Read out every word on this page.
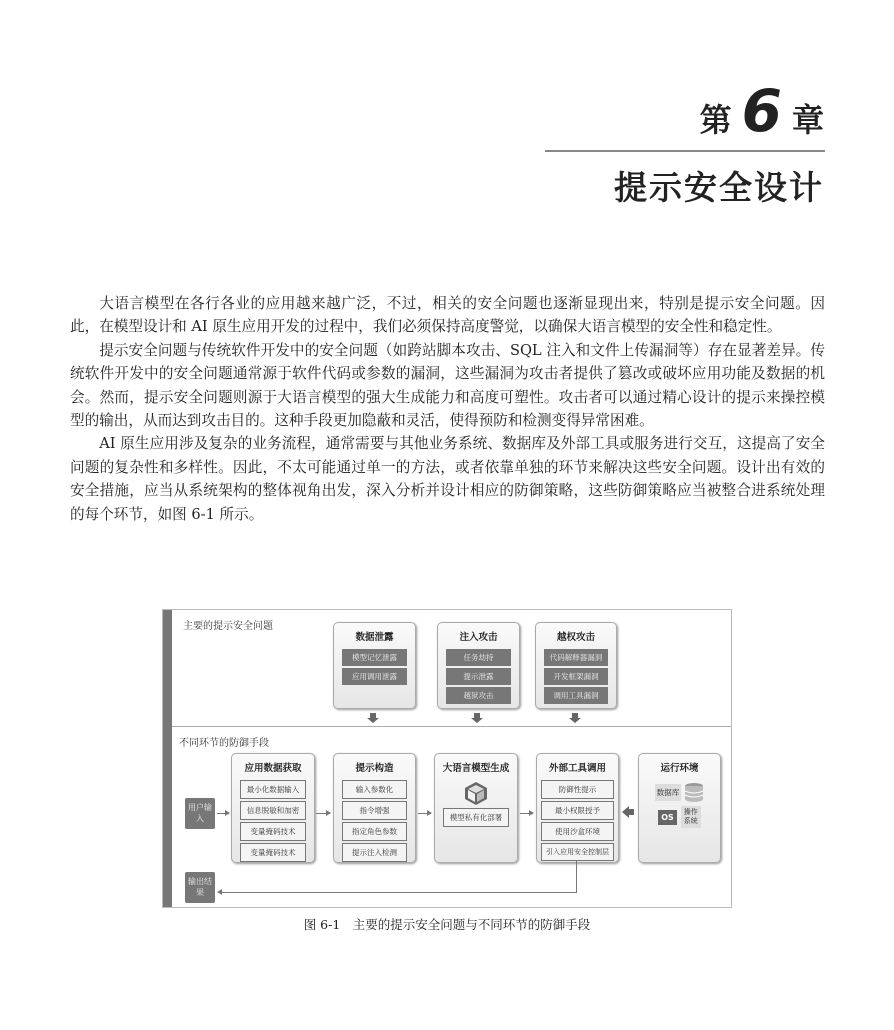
第 6 章
提示安全设计

大语言模型在各行各业的应用越来越广泛，不过，相关的安全问题也逐渐显现出来，特别是提示安全问题。因此，在模型设计和 AI 原生应用开发的过程中，我们必须保持高度警觉，以确保大语言模型的安全性和稳定性。

提示安全问题与传统软件开发中的安全问题（如跨站脚本攻击、SQL 注入和文件上传漏洞等）存在显著差异。传统软件开发中的安全问题通常源于软件代码或参数的漏洞，这些漏洞为攻击者提供了篡改或破坏应用功能及数据的机会。然而，提示安全问题则源于大语言模型的强大生成能力和高度可塑性。攻击者可以通过精心设计的提示来操控模型的输出，从而达到攻击目的。这种手段更加隐蔽和灵活，使得预防和检测变得异常困难。

AI 原生应用涉及复杂的业务流程，通常需要与其他业务系统、数据库及外部工具或服务进行交互，这提高了安全问题的复杂性和多样性。因此，不太可能通过单一的方法，或者依靠单独的环节来解决这些安全问题。设计出有效的安全措施，应当从系统架构的整体视角出发，深入分析并设计相应的防御策略，这些防御策略应当被整合进系统处理的每个环节，如图 6-1 所示。

主要的提示安全问题
数据泄露
模型记忆泄露
应用调用泄露
注入攻击
任务劫持
提示泄露
越狱攻击
越权攻击
代码解释器漏洞
开发框架漏洞
调用工具漏洞
不同环节的防御手段
用户输入
输出结果
应用数据获取
最小化数据输入
信息脱敏和加密
变量掩码技术
变量掩码技术
提示构造
输入参数化
指令增强
指定角色参数
提示注入检测
大语言模型生成
模型私有化部署
外部工具调用
防御性提示
最小权限授予
使用沙盒环境
引入应用安全控制层
运行环境
数据库
OS
操作系统
图 6-1　主要的提示安全问题与不同环节的防御手段
